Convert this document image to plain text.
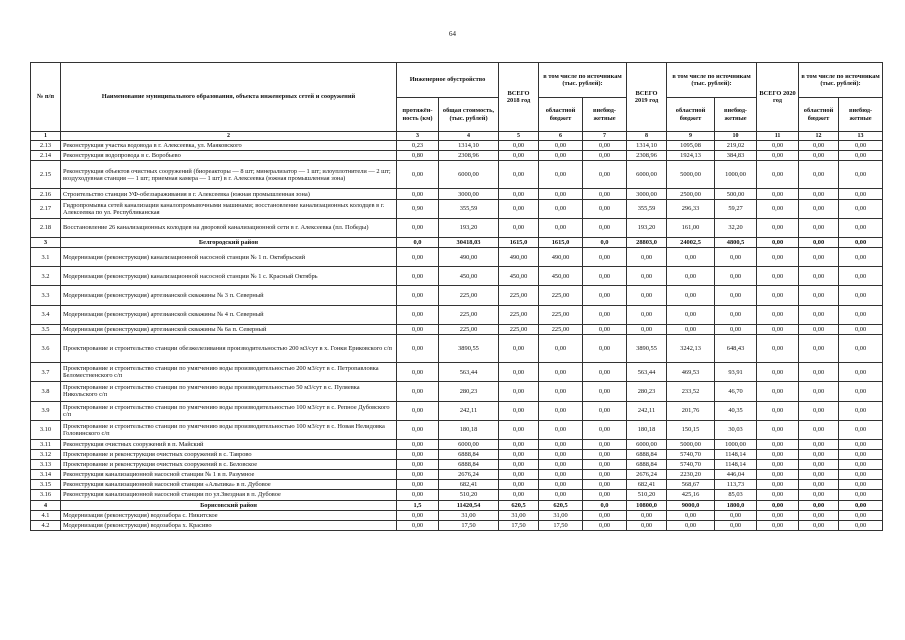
64
№ п/п	Наименование муниципального образования, объекта инженерных сетей и сооружений	Инженерное обустройство		ВСЕГО 2018 год	в том числе по источникам (тыс. рублей):		ВСЕГО 2019 год	в том числе по источникам (тыс. рублей):		ВСЕГО 2020 год	в том числе по источникам (тыс. рублей):	
		протяжён-ность (км)	общая стоимость, (тыс. рублей)		областной бюджет	внебюд-жетные		областной бюджет	внебюд-жетные		областной бюджет	внебюд-жетные
1	2	3	4	5	6	7	8	9	10	11	12	13
2.13	Реконструкция участка водовода в г. Алексеевка, ул. Маяковского	0,23	1314,10	0,00	0,00	0,00	1314,10	1095,08	219,02	0,00	0,00	0,00
2.14	Реконструкция водопровода в с. Воробьево	0,80	2308,96	0,00	0,00	0,00	2308,96	1924,13	384,83	0,00	0,00	0,00
2.15	Реконструкция объектов очистных сооружений (биореакторы — 8 шт; минерализатор — 1 шт; илоуплотнители — 2 шт; воздуходувная станция — 1 шт; приемная камера — 1 шт) в г. Алексеевка (южная промышленная зона)	0,00	6000,00	0,00	0,00	0,00	6000,00	5000,00	1000,00	0,00	0,00	0,00
2.16	Строительство станции УФ-обеззараживания в г. Алексеевка (южная промышленная зона)	0,00	3000,00	0,00	0,00	0,00	3000,00	2500,00	500,00	0,00	0,00	0,00
2.17	Гидропромывка сетей канализации каналопромывочными машинами; восстановление канализационных колодцев в г. Алексеевка по ул. Республиканская	0,90	355,59	0,00	0,00	0,00	355,59	296,33	59,27	0,00	0,00	0,00
2.18	Восстановление 26 канализационных колодцев на дворовой канализационной сети в г. Алексеевка (пл. Победы)	0,00	193,20	0,00	0,00	0,00	193,20	161,00	32,20	0,00	0,00	0,00
3	Белгородский район	0,0	30418,03	1615,0	1615,0	0,0	28803,0	24002,5	4800,5	0,00	0,00	0,00
3.1	Модернизация (реконструкция) канализационной насосной станции № 1 п. Октябрьский	0,00	490,00	490,00	490,00	0,00	0,00	0,00	0,00	0,00	0,00	0,00
3.2	Модернизация (реконструкция) канализационной насосной станции № 1 с. Красный Октябрь	0,00	450,00	450,00	450,00	0,00	0,00	0,00	0,00	0,00	0,00	0,00
3.3	Модернизация (реконструкция) артезианской скважины № 3 п. Северный	0,00	225,00	225,00	225,00	0,00	0,00	0,00	0,00	0,00	0,00	0,00
3.4	Модернизация (реконструкция) артезианской скважины № 4 п. Северный	0,00	225,00	225,00	225,00	0,00	0,00	0,00	0,00	0,00	0,00	0,00
3.5	Модернизация (реконструкция) артезианской скважины № 6а п. Северный	0,00	225,00	225,00	225,00	0,00	0,00	0,00	0,00	0,00	0,00	0,00
3.6	Проектирование и строительство станции обезжелезивания производительностью 200 м3/сут в х. Гонки Ериковского с/п	0,00	3890,55	0,00	0,00	0,00	3890,55	3242,13	648,43	0,00	0,00	0,00
3.7	Проектирование и строительство станции по умягчению воды производительностью 200 м3/сут в с. Петропавловка Беломестненского с/п	0,00	563,44	0,00	0,00	0,00	563,44	469,53	93,91	0,00	0,00	0,00
3.8	Проектирование и строительство станции по умягчению воды производительностью 50 м3/сут в с. Пуляевка Никольского с/п	0,00	280,23	0,00	0,00	0,00	280,23	233,52	46,70	0,00	0,00	0,00
3.9	Проектирование и строительство станции по умягчению воды производительностью 100 м3/сут в с. Репное Дубовского с/п	0,00	242,11	0,00	0,00	0,00	242,11	201,76	40,35	0,00	0,00	0,00
3.10	Проектирование и строительство станции по умягчению воды производительностью 100 м3/сут в с. Новая Нелидовка Головинского с/п	0,00	180,18	0,00	0,00	0,00	180,18	150,15	30,03	0,00	0,00	0,00
3.11	Реконструкция очистных сооружений в п. Майский	0,00	6000,00	0,00	0,00	0,00	6000,00	5000,00	1000,00	0,00	0,00	0,00
3.12	Проектирование и реконструкция очистных сооружений в с. Таврово	0,00	6888,84	0,00	0,00	0,00	6888,84	5740,70	1148,14	0,00	0,00	0,00
3.13	Проектирование и реконструкция очистных сооружений в с. Беловское	0,00	6888,84	0,00	0,00	0,00	6888,84	5740,70	1148,14	0,00	0,00	0,00
3.14	Реконструкция канализационной насосной станции № 1 в п. Разумное	0,00	2676,24	0,00	0,00	0,00	2676,24	2230,20	446,04	0,00	0,00	0,00
3.15	Реконструкция канализационной насосной станции «Альпика» в п. Дубовое	0,00	682,41	0,00	0,00	0,00	682,41	568,67	113,73	0,00	0,00	0,00
3.16	Реконструкция канализационной насосной станции по ул.Звездная в п. Дубовое	0,00	510,20	0,00	0,00	0,00	510,20	425,16	85,03	0,00	0,00	0,00
4	Борисовский район	1,5	11420,54	620,5	620,5	0,0	10800,0	9000,0	1800,0	0,00	0,00	0,00
4.1	Модернизация (реконструкция) водозабора с. Никитское	0,00	31,00	31,00	31,00	0,00	0,00	0,00	0,00	0,00	0,00	0,00
4.2	Модернизация (реконструкция) водозабора х. Красиво	0,00	17,50	17,50	17,50	0,00	0,00	0,00	0,00	0,00	0,00	0,00
